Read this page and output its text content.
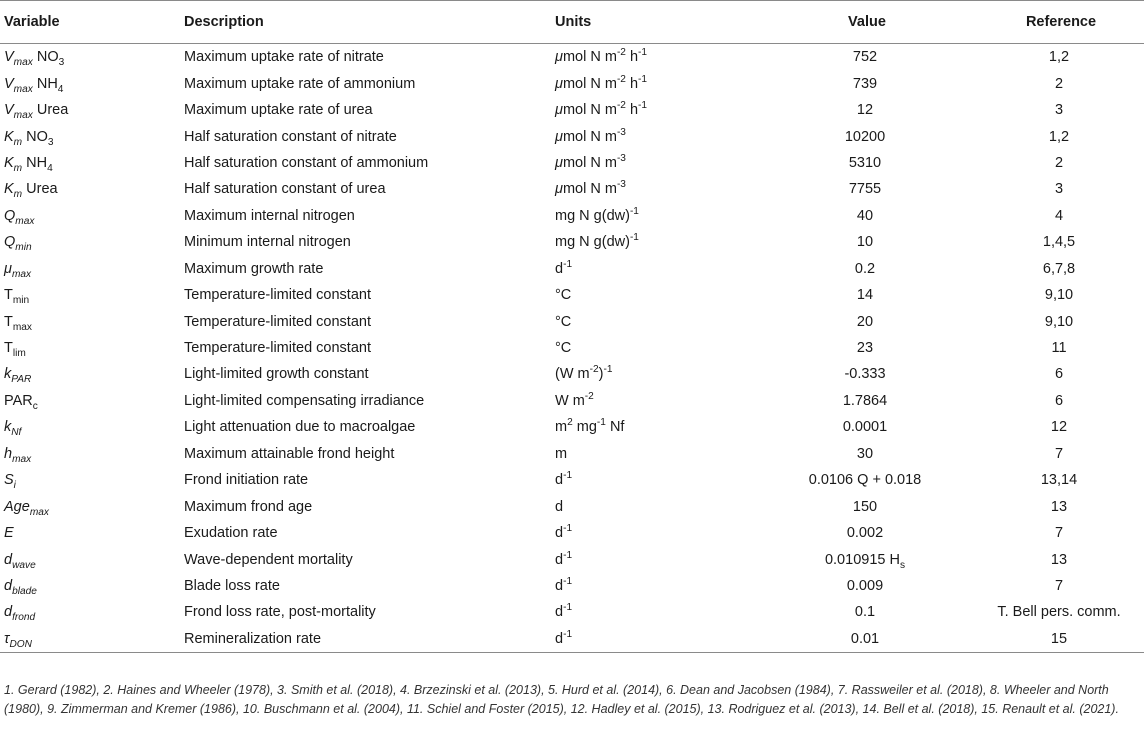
Variable	Description	Units	Value	Reference
$V_{max}$ $NO_3$	Maximum uptake rate of nitrate	μmol N $m^{-2}$ $h^{-1}$	752	1,2
$V_{max}$ $NH_4$	Maximum uptake rate of ammonium	μmol N $m^{-2}$ $h^{-1}$	739	2
$V_{max}$ Urea	Maximum uptake rate of urea	μmol N $m^{-2}$ $h^{-1}$	12	3
$K_m$ $NO_3$	Half saturation constant of nitrate	μmol N $m^{-3}$	10200	1,2
$K_m$ $NH_4$	Half saturation constant of ammonium	μmol N $m^{-3}$	5310	2
$K_m$ Urea	Half saturation constant of urea	μmol N $m^{-3}$	7755	3
$Q_{max}$	Maximum internal nitrogen	mg N g(dw)$^{-1}$	40	4
$Q_{min}$	Minimum internal nitrogen	mg N g(dw)$^{-1}$	10	1,4,5
$\mu_{max}$	Maximum growth rate	$d^{-1}$	0.2	6,7,8
$T_{min}$	Temperature-limited constant	°C	14	9,10
$T_{max}$	Temperature-limited constant	°C	20	9,10
$T_{lim}$	Temperature-limited constant	°C	23	11
$k_{PAR}$	Light-limited growth constant	(W $m^{-2})^{-1}$	-0.333	6
$PAR_c$	Light-limited compensating irradiance	W $m^{-2}$	1.7864	6
$k_{Nf}$	Light attenuation due to macroalgae	$m^2$ $mg^{-1}$ Nf	0.0001	12
$h_{max}$	Maximum attainable frond height	m	30	7
$S_i$	Frond initiation rate	$d^{-1}$	0.0106 Q + 0.018	13,14
Age$_{max}$	Maximum frond age	d	150	13
E	Exudation rate	$d^{-1}$	0.002	7
$d_{wave}$	Wave-dependent mortality	$d^{-1}$	0.010915 $H_s$	13
$d_{blade}$	Blade loss rate	$d^{-1}$	0.009	7
$d_{frond}$	Frond loss rate, post-mortality	$d^{-1}$	0.1	T. Bell pers. comm.
$\tau_{DON}$	Remineralization rate	$d^{-1}$	0.01	15
1. Gerard (1982), 2. Haines and Wheeler (1978), 3. Smith et al. (2018), 4. Brzezinski et al. (2013), 5. Hurd et al. (2014), 6. Dean and Jacobsen (1984), 7. Rassweiler et al. (2018), 8. Wheeler and North (1980), 9. Zimmerman and Kremer (1986), 10. Buschmann et al. (2004), 11. Schiel and Foster (2015), 12. Hadley et al. (2015), 13. Rodriguez et al. (2013), 14. Bell et al. (2018), 15. Renault et al. (2021).
